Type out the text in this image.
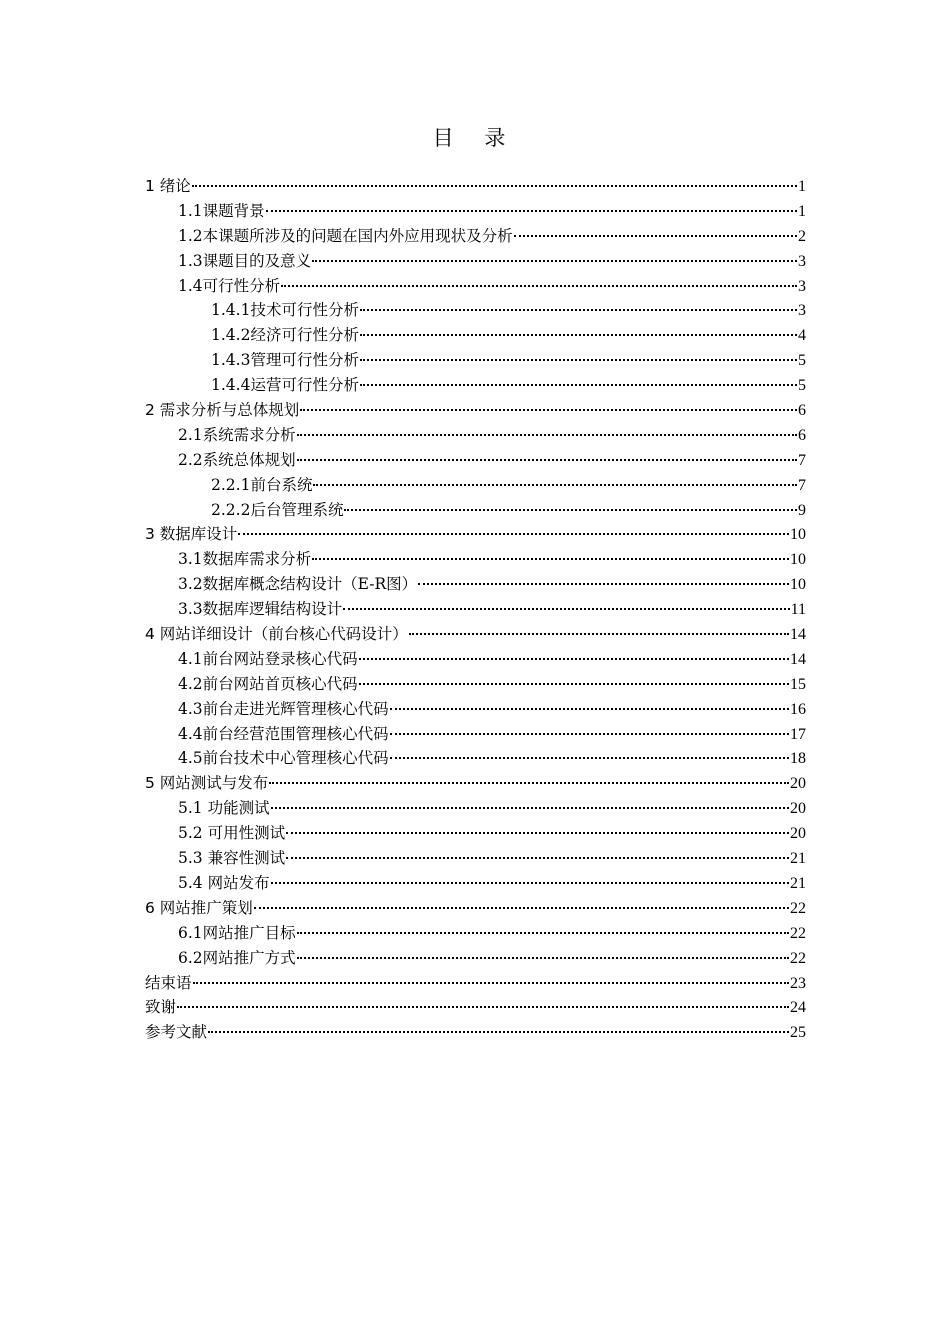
目 录
1 绪论	1
1.1课题背景	1
1.2本课题所涉及的问题在国内外应用现状及分析	2
1.3课题目的及意义	3
1.4可行性分析	3
1.4.1技术可行性分析	3
1.4.2经济可行性分析	4
1.4.3管理可行性分析	5
1.4.4运营可行性分析	5
2 需求分析与总体规划	6
2.1系统需求分析	6
2.2系统总体规划	7
2.2.1前台系统	7
2.2.2后台管理系统	9
3 数据库设计	10
3.1数据库需求分析	10
3.2数据库概念结构设计（E-R图）	10
3.3数据库逻辑结构设计	11
4 网站详细设计（前台核心代码设计）	14
4.1前台网站登录核心代码	14
4.2前台网站首页核心代码	15
4.3前台走进光辉管理核心代码	16
4.4前台经营范围管理核心代码	17
4.5前台技术中心管理核心代码	18
5 网站测试与发布	20
5.1 功能测试	20
5.2 可用性测试	20
5.3 兼容性测试	21
5.4 网站发布	21
6 网站推广策划	22
6.1网站推广目标	22
6.2网站推广方式	22
结束语	23
致谢	24
参考文献	25
